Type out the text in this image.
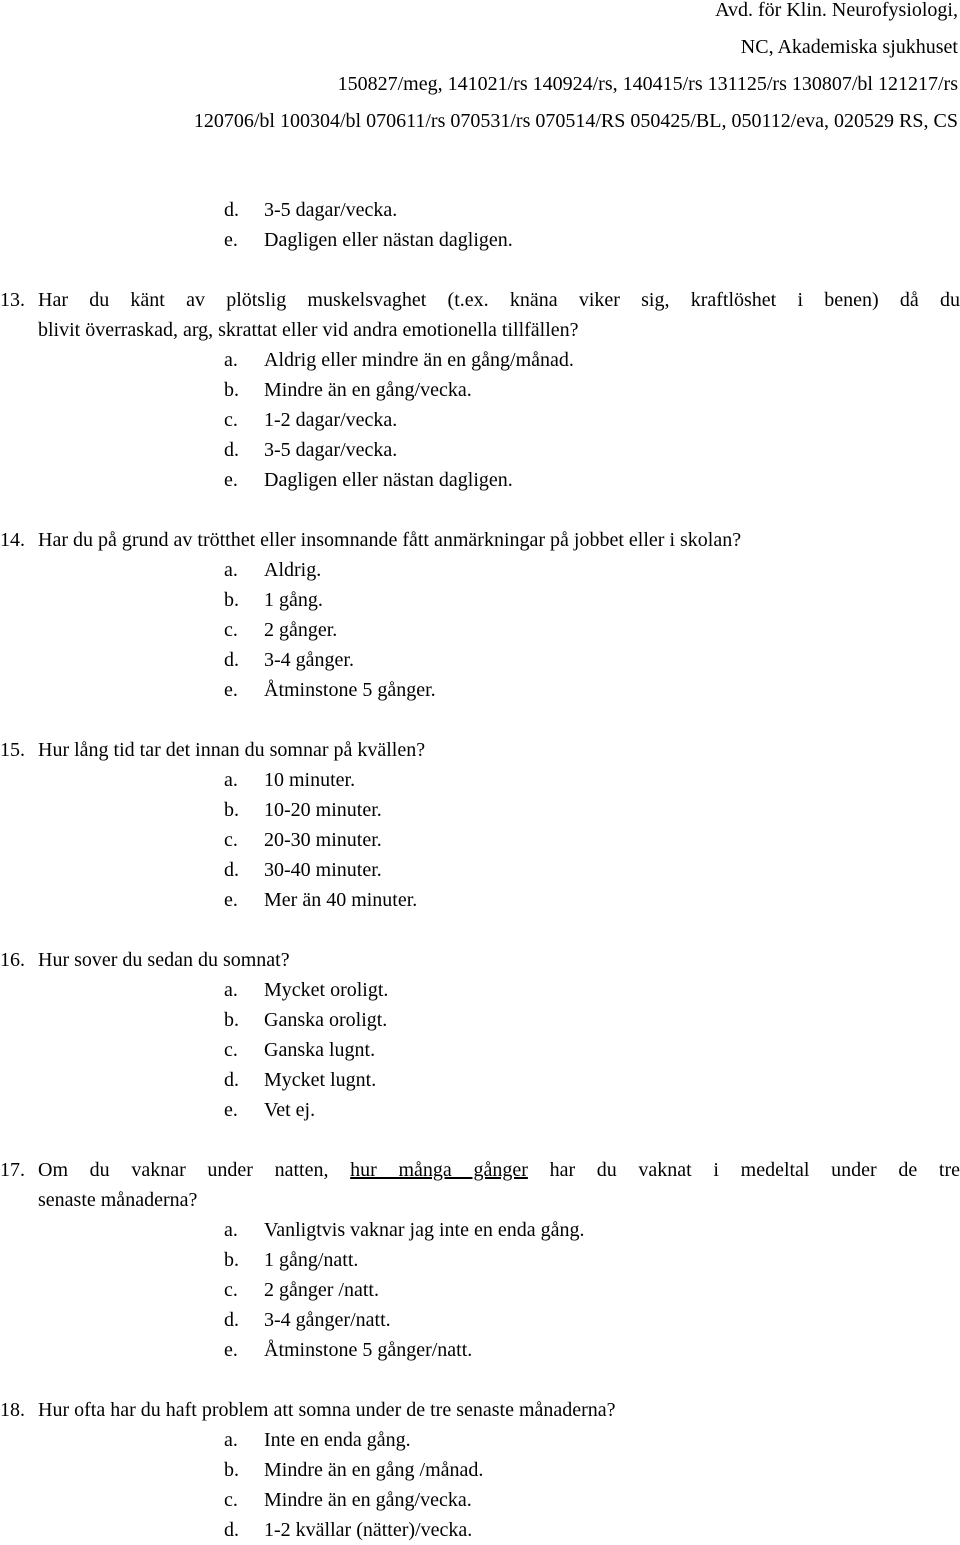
Avd. för Klin. Neurofysiologi,
NC, Akademiska sjukhuset
150827/meg, 141021/rs 140924/rs, 140415/rs 131125/rs 130807/bl 121217/rs
120706/bl 100304/bl 070611/rs 070531/rs 070514/RS 050425/BL, 050112/eva, 020529 RS, CS
d. 3-5 dagar/vecka.
e. Dagligen eller nästan dagligen.
13. Har du känt av plötslig muskelsvaghet (t.ex. knäna viker sig, kraftlöshet i benen) då du
blivit överraskad, arg, skrattat eller vid andra emotionella tillfällen?
a. Aldrig eller mindre än en gång/månad.
b. Mindre än en gång/vecka.
c. 1-2 dagar/vecka.
d. 3-5 dagar/vecka.
e. Dagligen eller nästan dagligen.
14. Har du på grund av trötthet eller insomnande fått anmärkningar på jobbet eller i skolan?
a. Aldrig.
b. 1 gång.
c. 2 gånger.
d. 3-4 gånger.
e. Åtminstone 5 gånger.
15. Hur lång tid tar det innan du somnar på kvällen?
a. 10 minuter.
b. 10-20 minuter.
c. 20-30 minuter.
d. 30-40 minuter.
e. Mer än 40 minuter.
16. Hur sover du sedan du somnat?
a. Mycket oroligt.
b. Ganska oroligt.
c. Ganska lugnt.
d. Mycket lugnt.
e. Vet ej.
17. Om du vaknar under natten, hur många gånger har du vaknat i medeltal under de tre
senaste månaderna?
a. Vanligtvis vaknar jag inte en enda gång.
b. 1 gång/natt.
c. 2 gånger /natt.
d. 3-4 gånger/natt.
e. Åtminstone 5 gånger/natt.
18. Hur ofta har du haft problem att somna under de tre senaste månaderna?
a. Inte en enda gång.
b. Mindre än en gång /månad.
c. Mindre än en gång/vecka.
d. 1-2 kvällar (nätter)/vecka.
